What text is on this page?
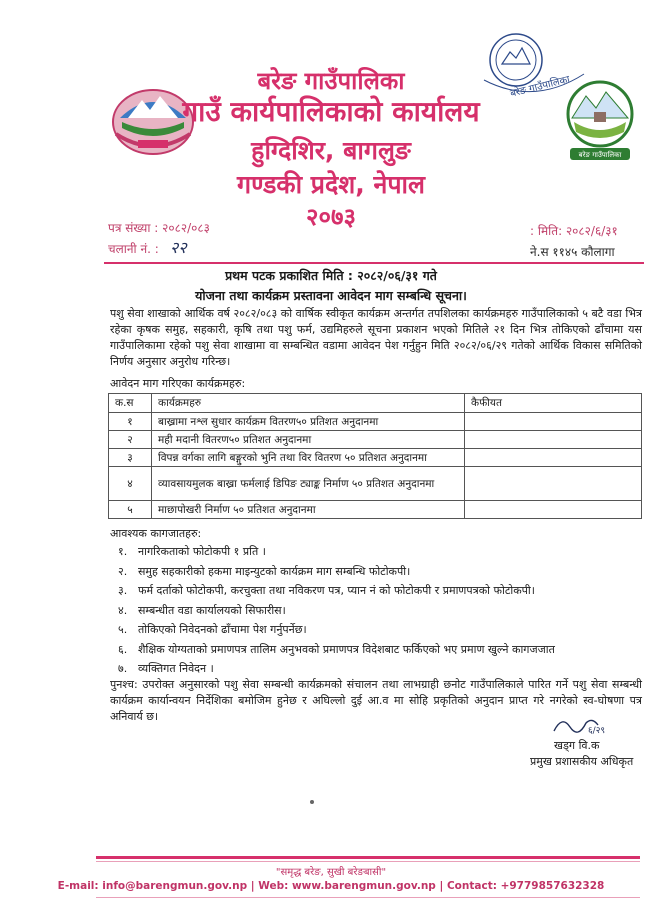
बरेङ गाउँपालिका
बरेङ गाउँपालिका
बरेङ गाउँपालिका
गाउँ कार्यपालिकाको कार्यालय
हुग्दिशिर, बागलुङ
गण्डकी प्रदेश, नेपाल
२०७३
पत्र संख्या : २०८२/०८३
चलानी नं. : २२
: मिति: २०८२/६/३१
ने.स ११४५ कौलागा
प्रथम पटक प्रकाशित मिति : २०८२/०६/३१ गते
योजना तथा कार्यक्रम प्रस्तावना आवेदन माग सम्बन्धि सूचना।
पशु सेवा शाखाको आर्थिक वर्ष २०८२/०८३ को वार्षिक स्वीकृत कार्यक्रम अन्तर्गत तपशिलका कार्यक्रमहरु गाउँपालिकाको ५ बटै वडा भित्र रहेका कृषक समुह, सहकारी, कृषि तथा पशु फर्म, उद्यमिहरुले सूचना प्रकाशन भएको मितिले २१ दिन भित्र तोकिएको ढाँचामा यस गाउँपालिकामा रहेको पशु सेवा शाखामा वा सम्बन्धित वडामा आवेदन पेश गर्नुहुन मिति २०८२/०६/२९ गतेको आर्थिक विकास समितिको निर्णय अनुसार अनुरोध गरिन्छ।
आवेदन माग गरिएका कार्यक्रमहरु:
क.स	कार्यक्रमहरु	कैफीयत
१	बाख्रामा नश्ल सुधार कार्यक्रम वितरण५० प्रतिशत अनुदानमा	
२	मही मदानी वितरण५० प्रतिशत अनुदानमा	
३	विपन्न वर्गका लागि बङ्गुरको भुनि तथा विर वितरण ५० प्रतिशत अनुदानमा	
४	व्यावसायमुलक बाख्रा फर्मलाई डिपिङ ट्याङ्क निर्माण ५० प्रतिशत अनुदानमा	
५	माछापोखरी निर्माण ५० प्रतिशत अनुदानमा	
आवश्यक कागजातहरु:
१. नागरिकताको फोटोकपी १ प्रति ।
२. समुह सहकारीको हकमा माइन्युटको कार्यक्रम माग सम्बन्धि फोटोकपी।
३. फर्म दर्ताको फोटोकपी, करचुक्ता तथा नविकरण पत्र, प्यान नं को फोटोकपी र प्रमाणपत्रको फोटोकपी।
४. सम्बन्धीत वडा कार्यालयको सिफारीस।
५. तोकिएको निवेदनको ढाँचामा पेश गर्नुपर्नेछ।
६. शैक्षिक योग्यताको प्रमाणपत्र तालिम अनुभवको प्रमाणपत्र विदेशबाट फर्किएको भए प्रमाण खुल्ने कागजजात
७. व्यक्तिगत निवेदन ।
पुनश्च: उपरोक्त अनुसारको पशु सेवा सम्बन्धी कार्यक्रमको संचालन तथा लाभग्राही छनोट गाउँपालिकाले पारित गर्ने पशु सेवा सम्बन्धी कार्यक्रम कार्यान्वयन निर्देशिका बमोजिम हुनेछ र अघिल्लो दुई आ.व मा सोहि प्रकृतिको अनुदान प्राप्त गरे नगरेको स्व-घोषणा पत्र अनिवार्य छ।
६/२९
खड्ग वि.क
प्रमुख प्रशासकीय अधिकृत
"समृद्ध बरेङ, सुखी बरेङबासी"
E-mail: info@barengmun.gov.np | Web: www.barengmun.gov.np | Contact: +9779857632328
